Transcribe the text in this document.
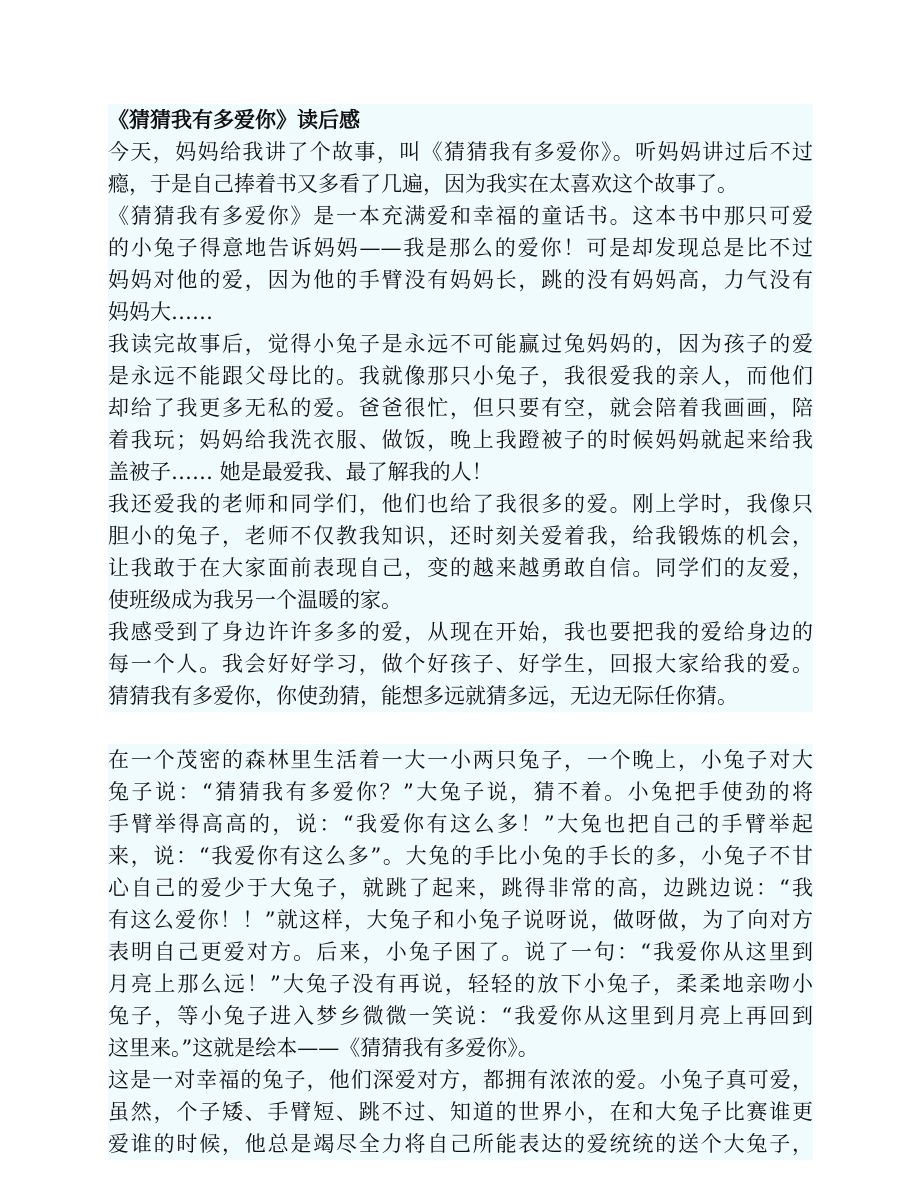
《猜猜我有多爱你》读后感
今天，妈妈给我讲了个故事，叫《猜猜我有多爱你》。听妈妈讲过后不过
瘾，于是自己捧着书又多看了几遍，因为我实在太喜欢这个故事了。
《猜猜我有多爱你》是一本充满爱和幸福的童话书。这本书中那只可爱
的小兔子得意地告诉妈妈——我是那么的爱你！可是却发现总是比不过
妈妈对他的爱，因为他的手臂没有妈妈长，跳的没有妈妈高，力气没有
妈妈大……
我读完故事后，觉得小兔子是永远不可能赢过兔妈妈的，因为孩子的爱
是永远不能跟父母比的。我就像那只小兔子，我很爱我的亲人，而他们
却给了我更多无私的爱。爸爸很忙，但只要有空，就会陪着我画画，陪
着我玩；妈妈给我洗衣服、做饭，晚上我蹬被子的时候妈妈就起来给我
盖被子…… 她是最爱我、最了解我的人！
我还爱我的老师和同学们，他们也给了我很多的爱。刚上学时，我像只
胆小的兔子，老师不仅教我知识，还时刻关爱着我，给我锻炼的机会，
让我敢于在大家面前表现自己，变的越来越勇敢自信。同学们的友爱，
使班级成为我另一个温暖的家。
我感受到了身边许许多多的爱，从现在开始，我也要把我的爱给身边的
每一个人。我会好好学习，做个好孩子、好学生，回报大家给我的爱。
猜猜我有多爱你，你使劲猜，能想多远就猜多远，无边无际任你猜。
在一个茂密的森林里生活着一大一小两只兔子，一个晚上，小兔子对大
兔子说：“猜猜我有多爱你？”大兔子说，猜不着。小兔把手使劲的将
手臂举得高高的，说：“我爱你有这么多！”大兔也把自己的手臂举起
来，说：“我爱你有这么多”。大兔的手比小兔的手长的多，小兔子不甘
心自己的爱少于大兔子，就跳了起来，跳得非常的高，边跳边说：“我
有这么爱你！！”就这样，大兔子和小兔子说呀说，做呀做，为了向对方
表明自己更爱对方。后来，小兔子困了。说了一句：“我爱你从这里到
月亮上那么远！”大兔子没有再说，轻轻的放下小兔子，柔柔地亲吻小
兔子，等小兔子进入梦乡微微一笑说：“我爱你从这里到月亮上再回到
这里来。”这就是绘本——《猜猜我有多爱你》。
这是一对幸福的兔子，他们深爱对方，都拥有浓浓的爱。小兔子真可爱，
虽然，个子矮、手臂短、跳不过、知道的世界小，在和大兔子比赛谁更
爱谁的时候，他总是竭尽全力将自己所能表达的爱统统的送个大兔子，
